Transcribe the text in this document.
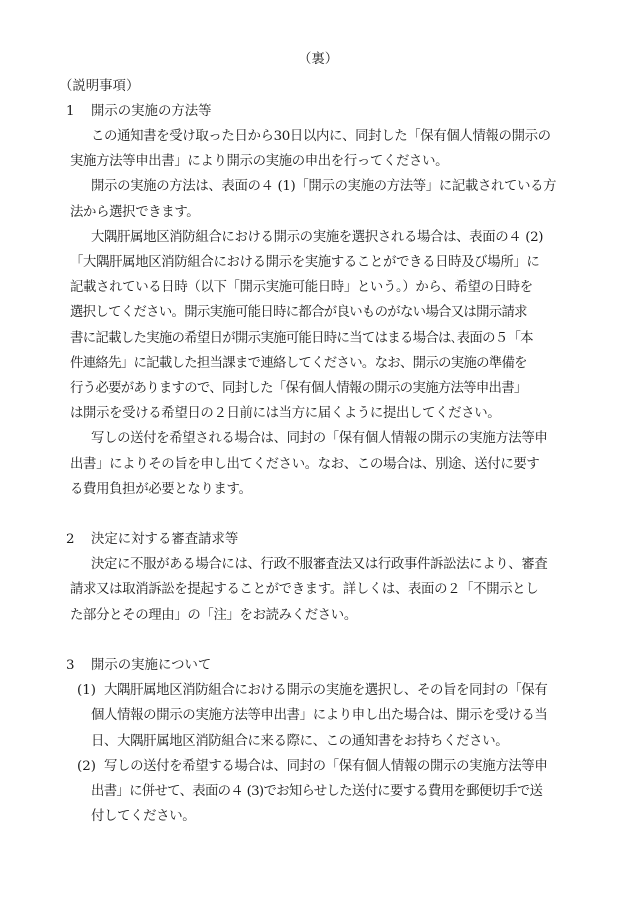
（裏）
（説明事項）
1 開示の実施の方法等
この通知書を受け取った日から30日以内に、同封した「保有個人情報の開示の
実施方法等申出書」により開示の実施の申出を行ってください。
開示の実施の方法は、表面の４ (1)「開示の実施の方法等」に記載されている方
法から選択できます。
大隅肝属地区消防組合における開示の実施を選択される場合は、表面の４ (2)
「大隅肝属地区消防組合における開示を実施することができる日時及び場所」に
記載されている日時（以下「開示実施可能日時」という。）から、希望の日時を
選択してください。開示実施可能日時に都合が良いものがない場合又は開示請求
書に記載した実施の希望日が開示実施可能日時に当てはまる場合は､表面の５「本
件連絡先」に記載した担当課まで連絡してください。なお、開示の実施の準備を
行う必要がありますので、同封した「保有個人情報の開示の実施方法等申出書」
は開示を受ける希望日の２日前には当方に届くように提出してください。
写しの送付を希望される場合は、同封の「保有個人情報の開示の実施方法等申
出書」によりその旨を申し出てください。なお、この場合は、別途、送付に要す
る費用負担が必要となります。
2 決定に対する審査請求等
決定に不服がある場合には、行政不服審査法又は行政事件訴訟法により、審査
請求又は取消訴訟を提起することができます。詳しくは、表面の２「不開示とし
た部分とその理由」の「注」をお読みください。
3 開示の実施について
(1) 大隅肝属地区消防組合における開示の実施を選択し、その旨を同封の「保有
個人情報の開示の実施方法等申出書」により申し出た場合は、開示を受ける当
日、大隅肝属地区消防組合に来る際に、この通知書をお持ちください。
(2) 写しの送付を希望する場合は、同封の「保有個人情報の開示の実施方法等申
出書」に併せて、表面の４ (3)でお知らせした送付に要する費用を郵便切手で送
付してください。
